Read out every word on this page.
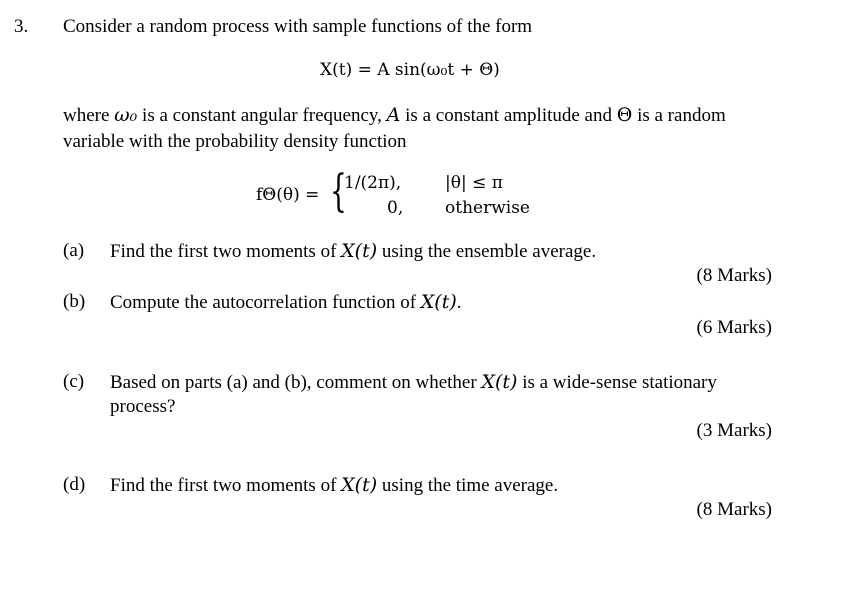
3. Consider a random process with sample functions of the form
X(t) = A sin(ω₀t + Θ)
where ω₀ is a constant angular frequency, A is a constant amplitude and Θ is a random
variable with the probability density function
fΘ(θ) = {
1/(2π),	|θ| ≤ π
0, otherwise
(a) Find the first two moments of X(t) using the ensemble average.
(8 Marks)
(b) Compute the autocorrelation function of X(t).
(6 Marks)
(c) Based on parts (a) and (b), comment on whether X(t) is a wide-sense stationary
process?
(3 Marks)
(d) Find the first two moments of X(t) using the time average.
(8 Marks)
